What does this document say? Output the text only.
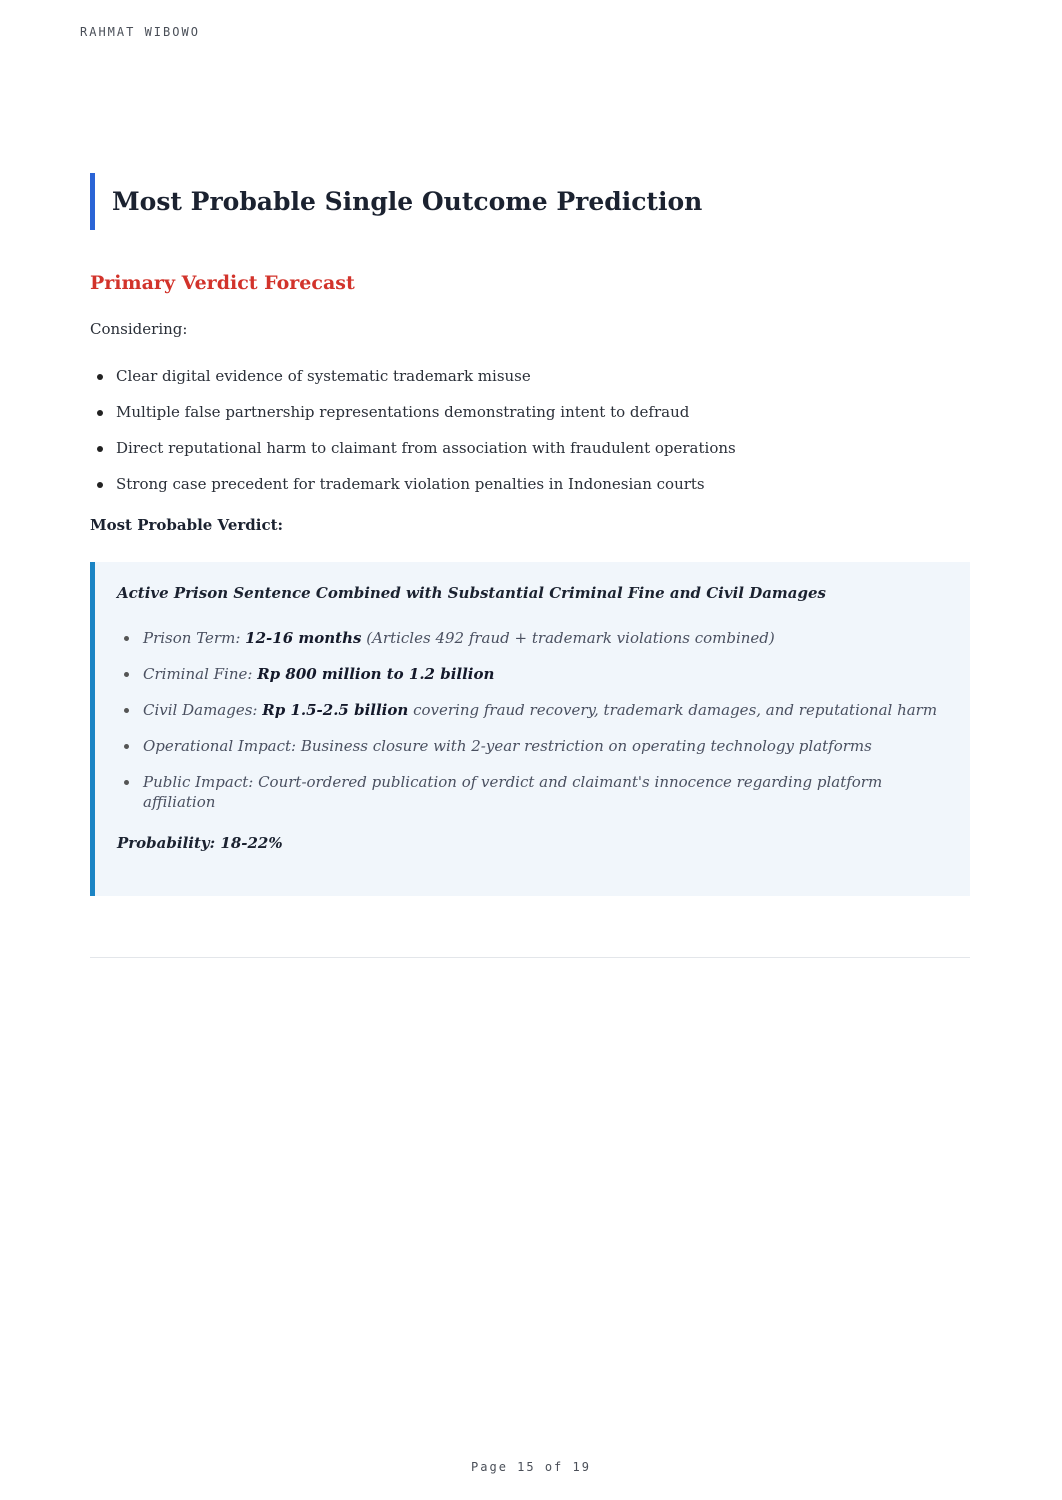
RAHMAT WIBOWO
Most Probable Single Outcome Prediction
Primary Verdict Forecast

Considering:

Clear digital evidence of systematic trademark misuse
Multiple false partnership representations demonstrating intent to defraud
Direct reputational harm to claimant from association with fraudulent operations
Strong case precedent for trademark violation penalties in Indonesian courts

Most Probable Verdict:

Active Prison Sentence Combined with Substantial Criminal Fine and Civil Damages

Prison Term: 12-16 months (Articles 492 fraud + trademark violations combined)
Criminal Fine: Rp 800 million to 1.2 billion
Civil Damages: Rp 1.5-2.5 billion covering fraud recovery, trademark damages, and reputational harm
Operational Impact: Business closure with 2-year restriction on operating technology platforms
Public Impact: Court-ordered publication of verdict and claimant's innocence regarding platform affiliation

Probability: 18-22%

Page 15 of 19
